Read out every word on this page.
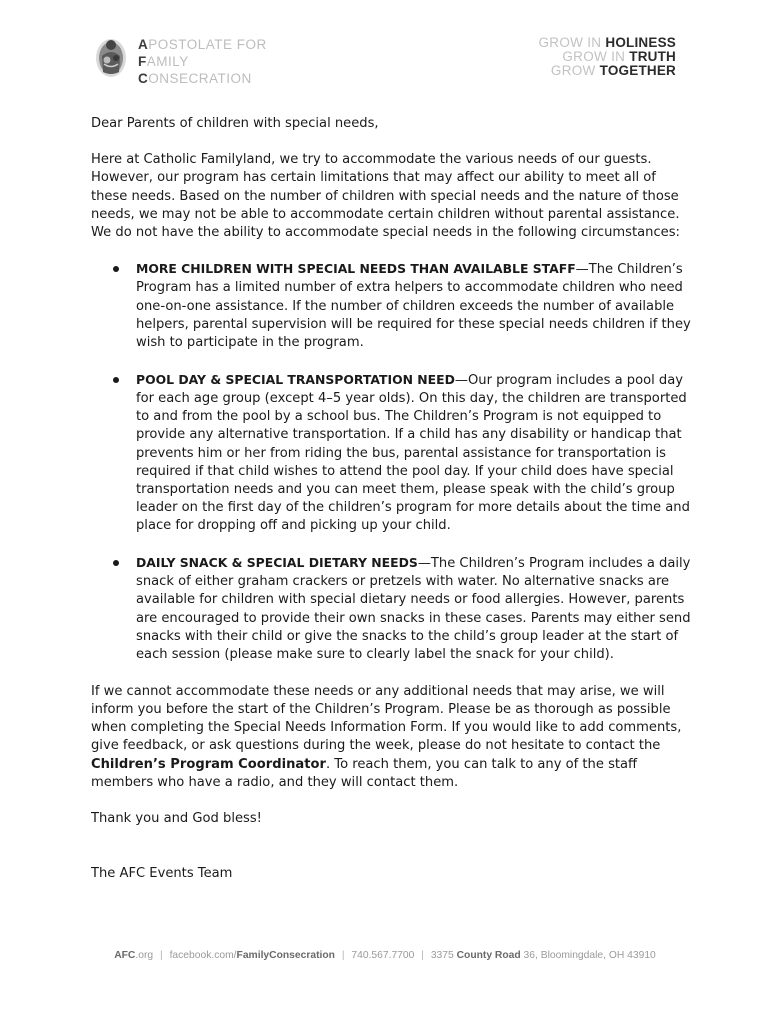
APOSTOLATE FOR
FAMILY
CONSECRATION
GROW IN HOLINESS
GROW IN TRUTH
GROW TOGETHER

Dear Parents of children with special needs,

Here at Catholic Familyland, we try to accommodate the various needs of our guests. However, our program has certain limitations that may affect our ability to meet all of these needs. Based on the number of children with special needs and the nature of those needs, we may not be able to accommodate certain children without parental assistance. We do not have the ability to accommodate special needs in the following circumstances:

MORE CHILDREN WITH SPECIAL NEEDS THAN AVAILABLE STAFF—The Children’s Program has a limited number of extra helpers to accommodate children who need one-on-one assistance. If the number of children exceeds the number of available helpers, parental supervision will be required for these special needs children if they wish to participate in the program.
POOL DAY & SPECIAL TRANSPORTATION NEED—Our program includes a pool day for each age group (except 4–5 year olds). On this day, the children are transported to and from the pool by a school bus. The Children’s Program is not equipped to provide any alternative transportation. If a child has any disability or handicap that prevents him or her from riding the bus, parental assistance for transportation is required if that child wishes to attend the pool day. If your child does have special transportation needs and you can meet them, please speak with the child’s group leader on the first day of the children’s program for more details about the time and place for dropping off and picking up your child.
DAILY SNACK & SPECIAL DIETARY NEEDS—The Children’s Program includes a daily snack of either graham crackers or pretzels with water. No alternative snacks are available for children with special dietary needs or food allergies. However, parents are encouraged to provide their own snacks in these cases. Parents may either send snacks with their child or give the snacks to the child’s group leader at the start of each session (please make sure to clearly label the snack for your child).

If we cannot accommodate these needs or any additional needs that may arise, we will inform you before the start of the Children’s Program. Please be as thorough as possible when completing the Special Needs Information Form. If you would like to add comments, give feedback, or ask questions during the week, please do not hesitate to contact the Children’s Program Coordinator. To reach them, you can talk to any of the staff members who have a radio, and they will contact them.

Thank you and God bless!

The AFC Events Team

AFC.org | facebook.com/FamilyConsecration | 740.567.7700 | 3375 County Road 36, Bloomingdale, OH 43910
